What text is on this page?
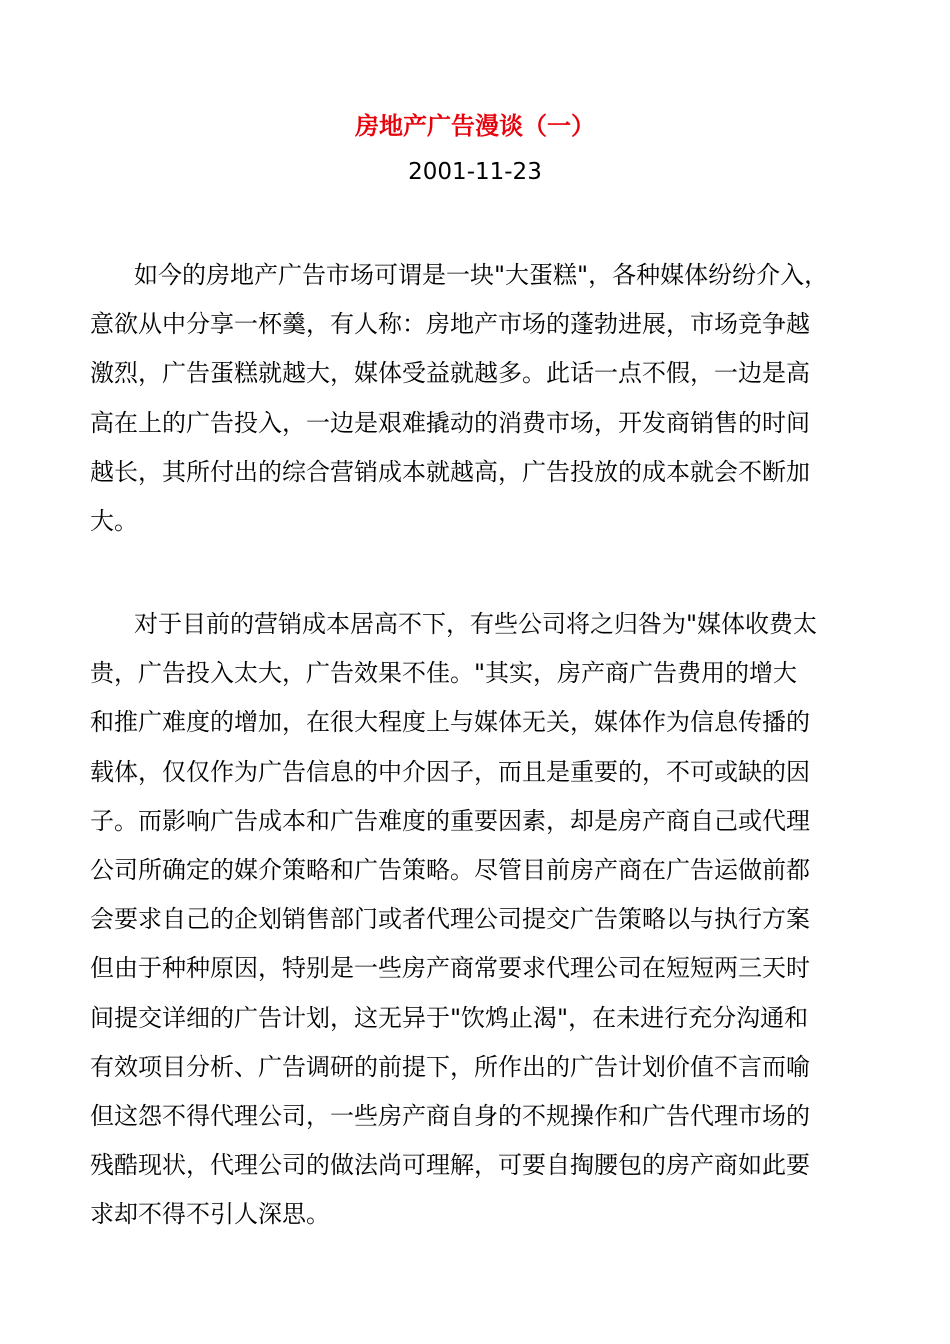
房地产广告漫谈（一）
2001-11-23
如今的房地产广告市场可谓是一块"大蛋糕"，各种媒体纷纷介入，
意欲从中分享一杯羹，有人称：房地产市场的蓬勃进展，市场竞争越
激烈，广告蛋糕就越大，媒体受益就越多。此话一点不假，一边是高
高在上的广告投入，一边是艰难撬动的消费市场，开发商销售的时间
越长，其所付出的综合营销成本就越高，广告投放的成本就会不断加
大。
对于目前的营销成本居高不下，有些公司将之归咎为"媒体收费太
贵，广告投入太大，广告效果不佳。"其实，房产商广告费用的增大
和推广难度的增加，在很大程度上与媒体无关，媒体作为信息传播的
载体，仅仅作为广告信息的中介因子，而且是重要的，不可或缺的因
子。而影响广告成本和广告难度的重要因素，却是房产商自己或代理
公司所确定的媒介策略和广告策略。尽管目前房产商在广告运做前都
会要求自己的企划销售部门或者代理公司提交广告策略以与执行方案
但由于种种原因，特别是一些房产商常要求代理公司在短短两三天时
间提交详细的广告计划，这无异于"饮鸩止渴"，在未进行充分沟通和
有效项目分析、广告调研的前提下，所作出的广告计划价值不言而喻
但这怨不得代理公司，一些房产商自身的不规操作和广告代理市场的
残酷现状，代理公司的做法尚可理解，可要自掏腰包的房产商如此要
求却不得不引人深思。
